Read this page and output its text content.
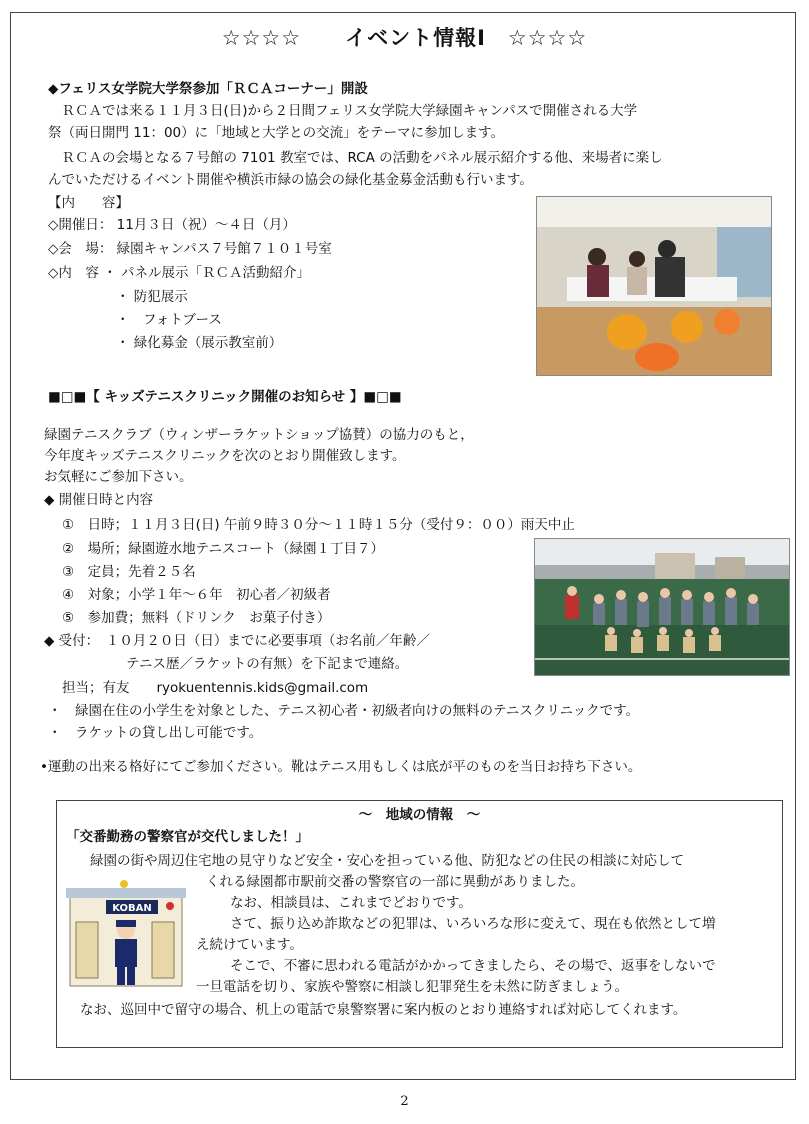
☆☆☆☆　　イベント情報Ⅰ　☆☆☆☆
◆フェリス女学院大学祭参加「ＲＣＡコーナー」開設
　ＲＣＡでは来る１１月３日(日)から２日間フェリス女学院大学緑園キャンパスで開催される大学
祭（両日開門 11：00）に「地域と大学との交流」をテーマに参加します。
　ＲＣＡの会場となる７号館の 7101 教室では、RCA の活動をパネル展示紹介する他、来場者に楽し
んでいただけるイベント開催や横浜市緑の協会の緑化基金募金活動も行います。
【内　　容】
◇開催日： 11月３日（祝）～４日（月）
◇会　場： 緑園キャンパス７号館７１０１号室
◇内　容 ・ パネル展示「ＲＣＡ活動紹介」
・ 防犯展示
・　フォトブース
・ 緑化募金（展示教室前）
■□■【 キッズテニスクリニック開催のお知らせ 】■□■
緑園テニスクラブ（ウィンザーラケットショップ協賛）の協力のもと，
今年度キッズテニスクリニックを次のとおり開催致します。
お気軽にご参加下さい。
◆ 開催日時と内容
①　日時；１１月３日(日) 午前９時３０分～１１時１５分（受付９：００）雨天中止
②　場所；緑園遊水地テニスコート（緑園１丁目７）
③　定員；先着２５名
④　対象；小学１年～６年　初心者／初級者
⑤　参加費；無料（ドリンク　お菓子付き）
◆ 受付：　１０月２０日（日）までに必要事項（お名前／年齢／
テニス歴／ラケットの有無）を下記まで連絡。
担当；有友　　ryokuentennis.kids@gmail.com
・　緑園在住の小学生を対象とした、テニス初心者・初級者向けの無料のテニスクリニックです。
・　ラケットの貸し出し可能です。
•運動の出来る格好にてご参加ください。靴はテニス用もしくは底が平のものを当日お持ち下さい。
～　地域の情報　～
「交番勤務の警察官が交代しました！」
緑園の街や周辺住宅地の見守りなど安全・安心を担っている他、防犯などの住民の相談に対応して
くれる緑園都市駅前交番の警察官の一部に異動がありました。
なお、相談員は、これまでどおりです。
さて、振り込め詐欺などの犯罪は、いろいろな形に変えて、現在も依然として増
え続けています。
そこで、不審に思われる電話がかかってきましたら、その場で、返事をしないで
一旦電話を切り、家族や警察に相談し犯罪発生を未然に防ぎましょう。
なお、巡回中で留守の場合、机上の電話で泉警察署に案内板のとおり連絡すれば対応してくれます。
KOBAN
2
